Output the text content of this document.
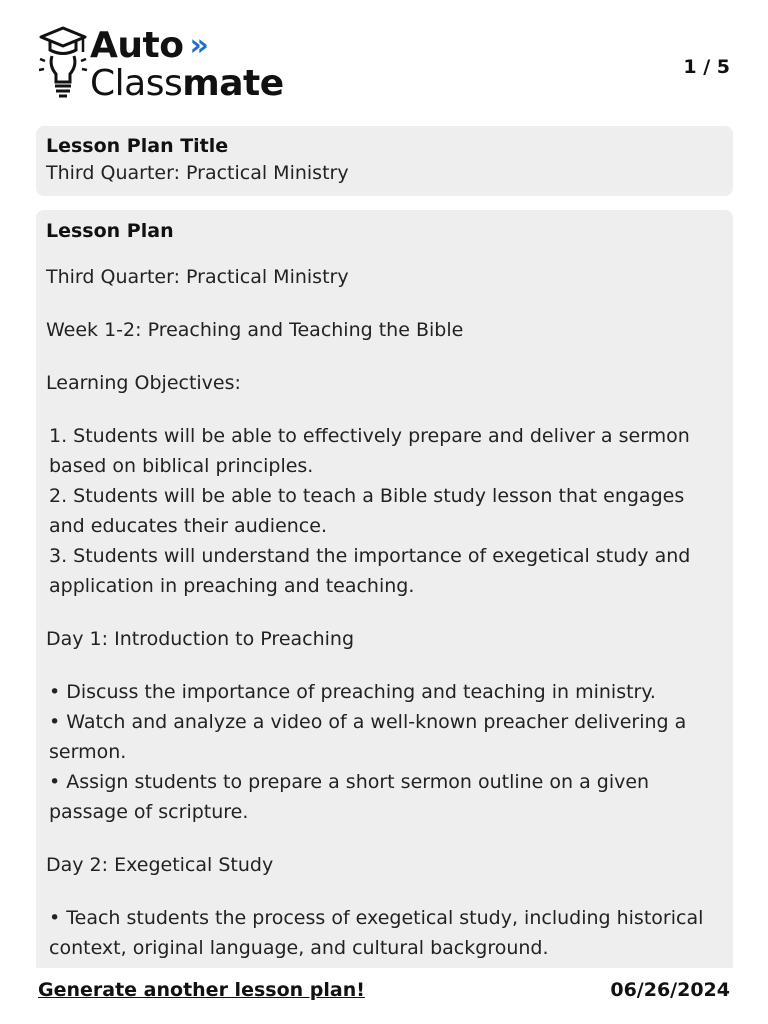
Auto »
Classmate	1 / 5
Lesson Plan Title
Third Quarter: Practical Ministry
Lesson Plan

Third Quarter: Practical Ministry

Week 1-2: Preaching and Teaching the Bible

Learning Objectives:

1. Students will be able to effectively prepare and deliver a sermon based on biblical principles.

2. Students will be able to teach a Bible study lesson that engages and educates their audience.

3. Students will understand the importance of exegetical study and application in preaching and teaching.

Day 1: Introduction to Preaching

• Discuss the importance of preaching and teaching in ministry.

• Watch and analyze a video of a well-known preacher delivering a sermon.

• Assign students to prepare a short sermon outline on a given passage of scripture.

Day 2: Exegetical Study

• Teach students the process of exegetical study, including historical context, original language, and cultural background.

Generate another lesson plan!	06/26/2024
